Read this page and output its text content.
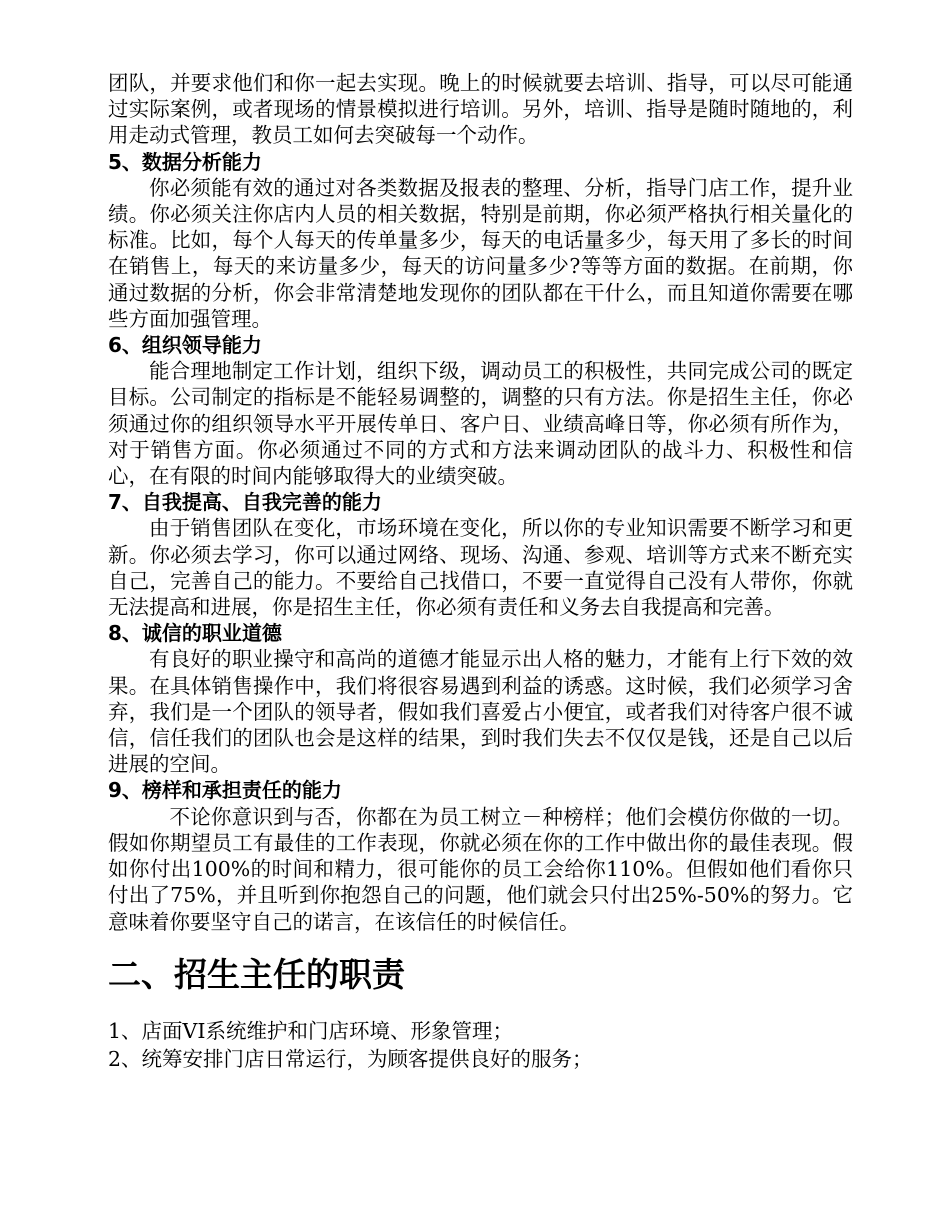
团队，并要求他们和你一起去实现。晚上的时候就要去培训、指导，可以尽可能通过实际案例，或者现场的情景模拟进行培训。另外，培训、指导是随时随地的，利用走动式管理，教员工如何去突破每一个动作。

5、数据分析能力

你必须能有效的通过对各类数据及报表的整理、分析，指导门店工作，提升业绩。你必须关注你店内人员的相关数据，特别是前期，你必须严格执行相关量化的标准。比如，每个人每天的传单量多少，每天的电话量多少，每天用了多长的时间在销售上，每天的来访量多少，每天的访问量多少?等等方面的数据。在前期，你通过数据的分析，你会非常清楚地发现你的团队都在干什么，而且知道你需要在哪些方面加强管理。

6、组织领导能力

能合理地制定工作计划，组织下级，调动员工的积极性，共同完成公司的既定目标。公司制定的指标是不能轻易调整的，调整的只有方法。你是招生主任，你必须通过你的组织领导水平开展传单日、客户日、业绩高峰日等，你必须有所作为，对于销售方面。你必须通过不同的方式和方法来调动团队的战斗力、积极性和信心，在有限的时间内能够取得大的业绩突破。

7、自我提高、自我完善的能力

由于销售团队在变化，市场环境在变化，所以你的专业知识需要不断学习和更新。你必须去学习，你可以通过网络、现场、沟通、参观、培训等方式来不断充实自己，完善自己的能力。不要给自己找借口，不要一直觉得自己没有人带你，你就无法提高和进展，你是招生主任，你必须有责任和义务去自我提高和完善。

8、诚信的职业道德

有良好的职业操守和高尚的道德才能显示出人格的魅力，才能有上行下效的效果。在具体销售操作中，我们将很容易遇到利益的诱惑。这时候，我们必须学习舍弃，我们是一个团队的领导者，假如我们喜爱占小便宜，或者我们对待客户很不诚信，信任我们的团队也会是这样的结果，到时我们失去不仅仅是钱，还是自己以后进展的空间。

9、榜样和承担责任的能力

不论你意识到与否，你都在为员工树立－种榜样；他们会模仿你做的一切。假如你期望员工有最佳的工作表现，你就必须在你的工作中做出你的最佳表现。假如你付出100%的时间和精力，很可能你的员工会给你110%。但假如他们看你只付出了75%，并且听到你抱怨自己的问题，他们就会只付出25%-50%的努力。它意味着你要坚守自己的诺言，在该信任的时候信任。

二、招生主任的职责

1、店面VI系统维护和门店环境、形象管理；

2、统筹安排门店日常运行，为顾客提供良好的服务；
